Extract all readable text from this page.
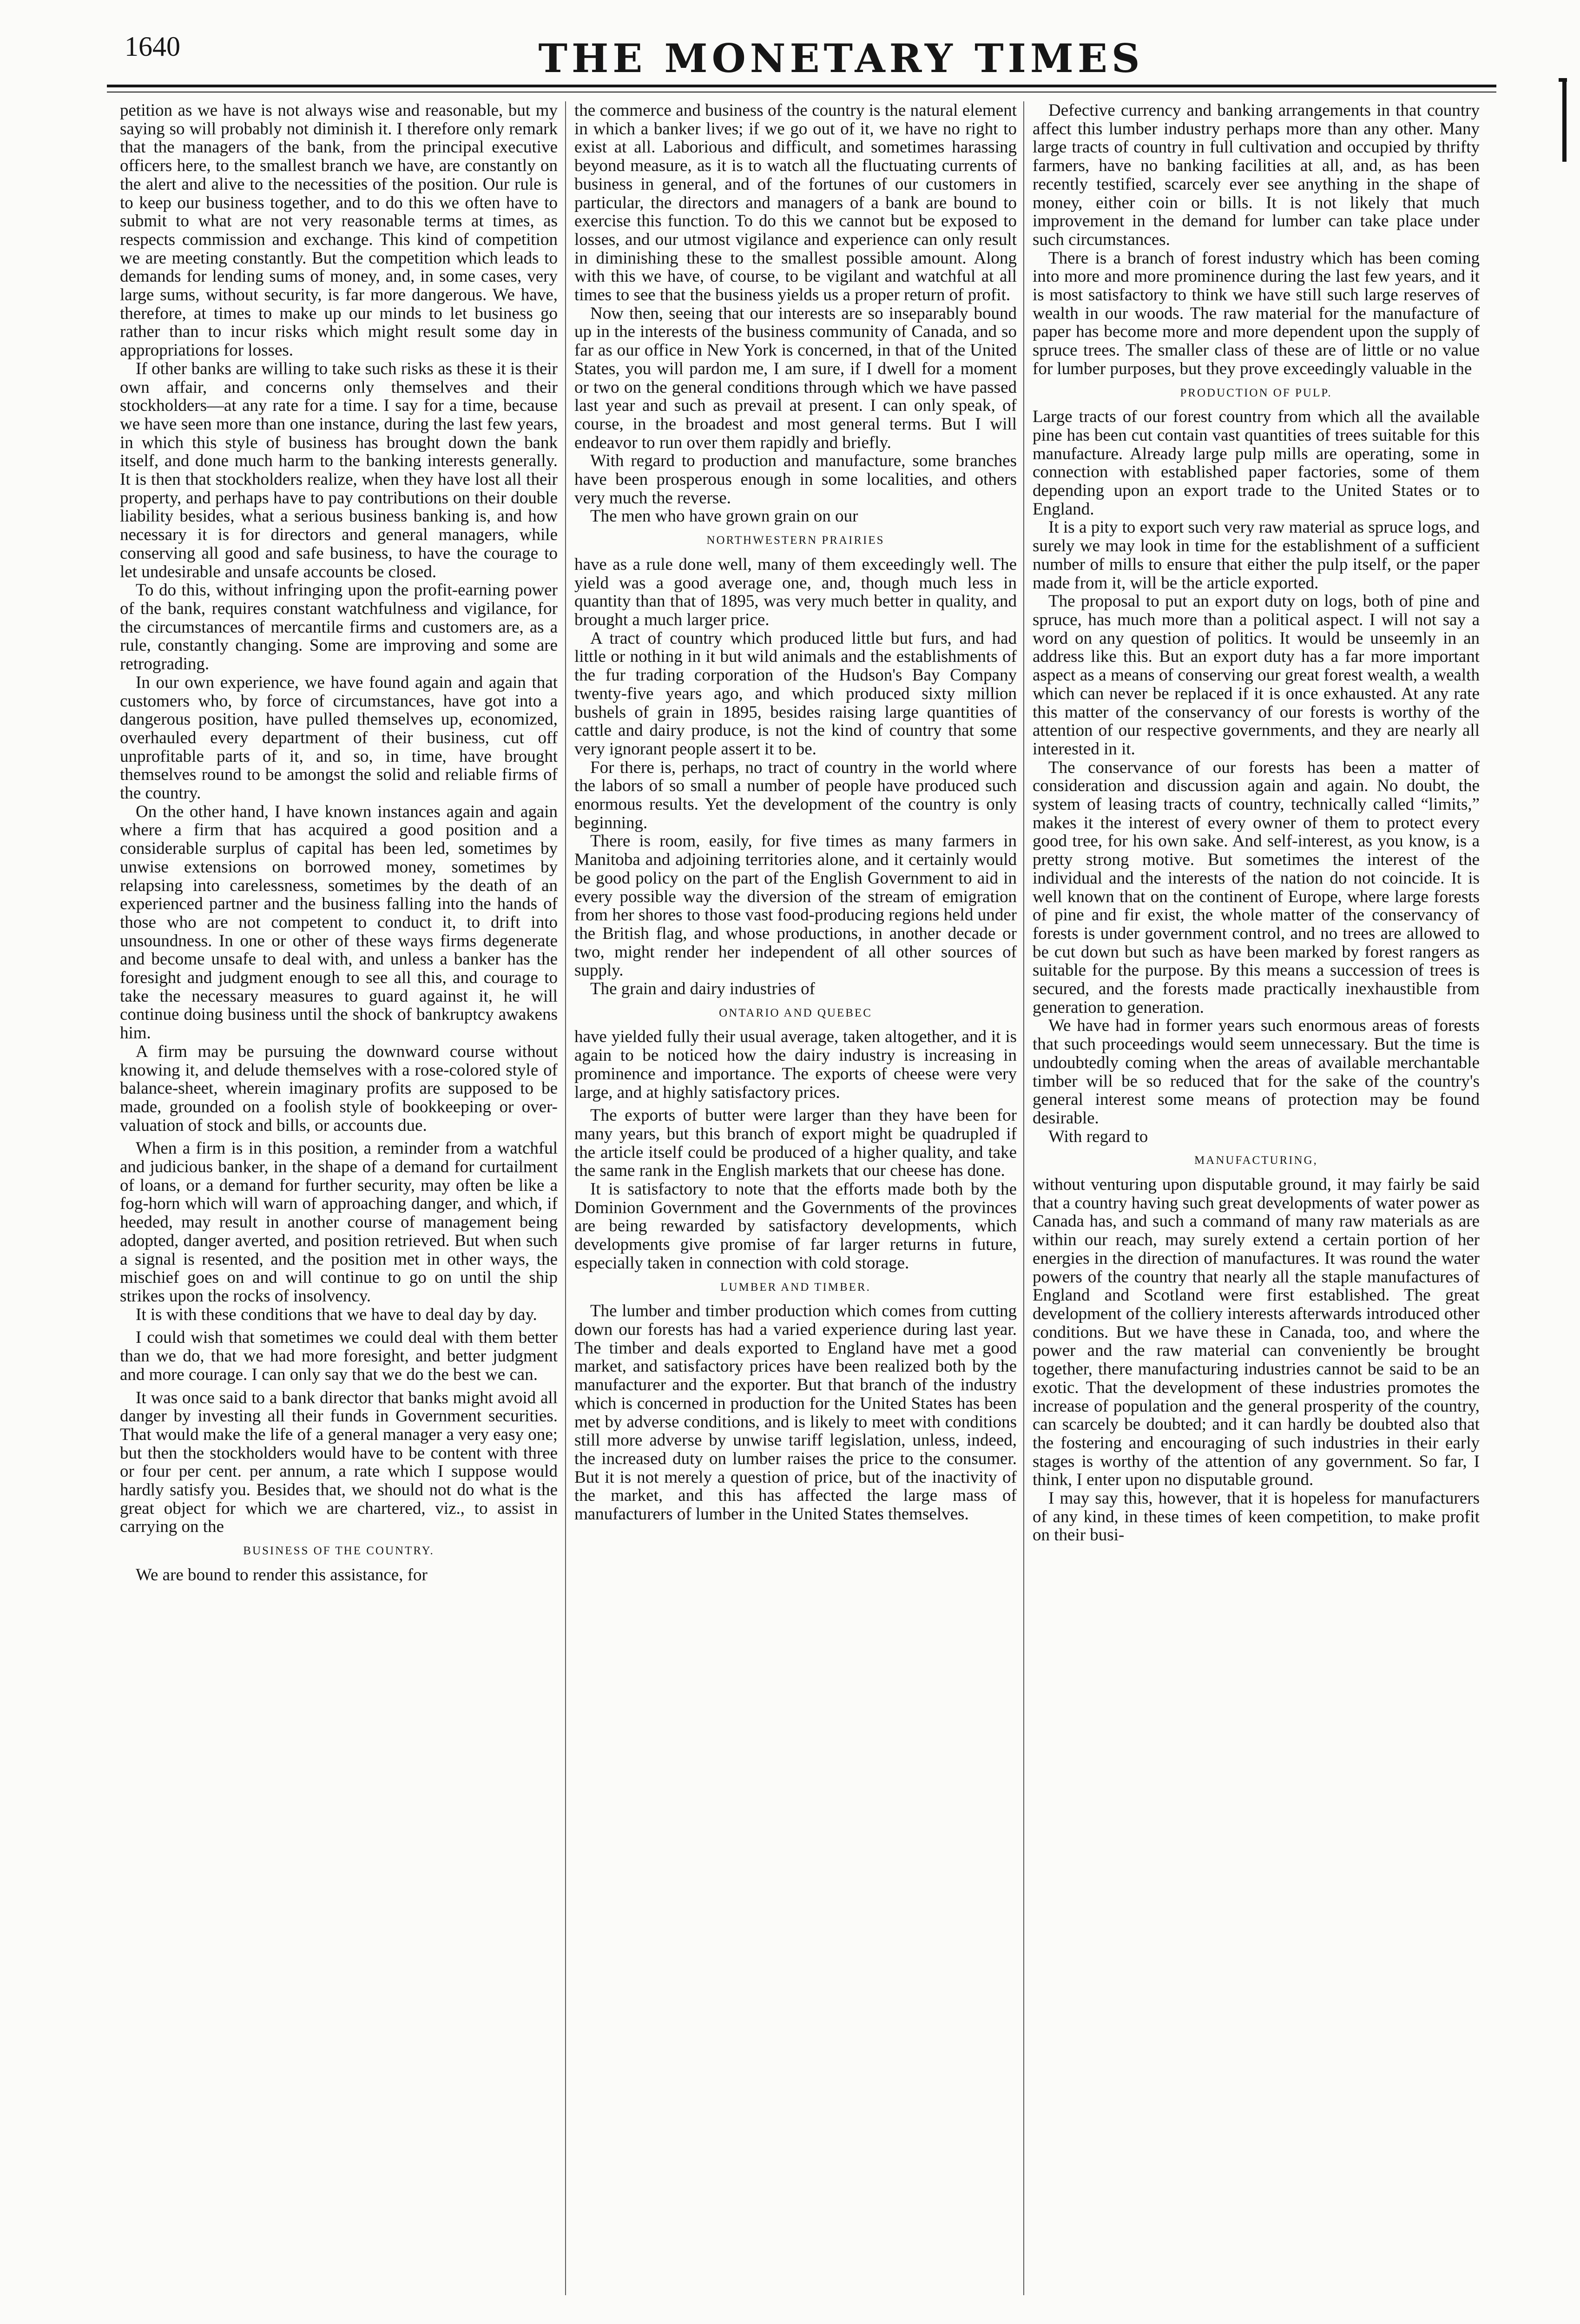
1640	THE MONETARY TIMES

petition as we have is not always wise and reasonable, but my saying so will probably not diminish it. I therefore only remark that the managers of the bank, from the principal executive officers here, to the smallest branch we have, are constantly on the alert and alive to the necessities of the position. Our rule is to keep our business together, and to do this we often have to submit to what are not very reasonable terms at times, as respects commission and exchange. This kind of competition we are meeting constantly. But the competition which leads to demands for lending sums of money, and, in some cases, very large sums, without security, is far more dangerous. We have, therefore, at times to make up our minds to let business go rather than to incur risks which might result some day in appropriations for losses.

If other banks are willing to take such risks as these it is their own affair, and concerns only themselves and their stockholders—at any rate for a time. I say for a time, because we have seen more than one instance, during the last few years, in which this style of business has brought down the bank itself, and done much harm to the banking interests generally. It is then that stockholders realize, when they have lost all their property, and perhaps have to pay contributions on their double liability besides, what a serious business banking is, and how necessary it is for directors and general managers, while conserving all good and safe business, to have the courage to let undesirable and unsafe accounts be closed.

To do this, without infringing upon the profit-earning power of the bank, requires constant watchfulness and vigilance, for the circumstances of mercantile firms and customers are, as a rule, constantly changing. Some are improving and some are retrograding.

In our own experience, we have found again and again that customers who, by force of circumstances, have got into a dangerous position, have pulled themselves up, economized, overhauled every department of their business, cut off unprofitable parts of it, and so, in time, have brought themselves round to be amongst the solid and reliable firms of the country.

On the other hand, I have known instances again and again where a firm that has acquired a good position and a considerable surplus of capital has been led, sometimes by unwise extensions on borrowed money, sometimes by relapsing into carelessness, sometimes by the death of an experienced partner and the business falling into the hands of those who are not competent to conduct it, to drift into unsoundness. In one or other of these ways firms degenerate and become unsafe to deal with, and unless a banker has the foresight and judgment enough to see all this, and courage to take the necessary measures to guard against it, he will continue doing business until the shock of bankruptcy awakens him.

A firm may be pursuing the downward course without knowing it, and delude themselves with a rose-colored style of balance-sheet, wherein imaginary profits are supposed to be made, grounded on a foolish style of bookkeeping or over-valuation of stock and bills, or accounts due.

When a firm is in this position, a reminder from a watchful and judicious banker, in the shape of a demand for curtailment of loans, or a demand for further security, may often be like a fog-horn which will warn of approaching danger, and which, if heeded, may result in another course of management being adopted, danger averted, and position retrieved. But when such a signal is resented, and the position met in other ways, the mischief goes on and will continue to go on until the ship strikes upon the rocks of insolvency.

It is with these conditions that we have to deal day by day.

I could wish that sometimes we could deal with them better than we do, that we had more foresight, and better judgment and more courage. I can only say that we do the best we can.

It was once said to a bank director that banks might avoid all danger by investing all their funds in Government securities. That would make the life of a general manager a very easy one; but then the stockholders would have to be content with three or four per cent. per annum, a rate which I suppose would hardly satisfy you. Besides that, we should not do what is the great object for which we are chartered, viz., to assist in carrying on the

BUSINESS OF THE COUNTRY.

We are bound to render this assistance, for

the commerce and business of the country is the natural element in which a banker lives; if we go out of it, we have no right to exist at all. Laborious and difficult, and sometimes harassing beyond measure, as it is to watch all the fluctuating currents of business in general, and of the fortunes of our customers in particular, the directors and managers of a bank are bound to exercise this function. To do this we cannot but be exposed to losses, and our utmost vigilance and experience can only result in diminishing these to the smallest possible amount. Along with this we have, of course, to be vigilant and watchful at all times to see that the business yields us a proper return of profit.

Now then, seeing that our interests are so inseparably bound up in the interests of the business community of Canada, and so far as our office in New York is concerned, in that of the United States, you will pardon me, I am sure, if I dwell for a moment or two on the general conditions through which we have passed last year and such as prevail at present. I can only speak, of course, in the broadest and most general terms. But I will endeavor to run over them rapidly and briefly.

With regard to production and manufacture, some branches have been prosperous enough in some localities, and others very much the reverse.

The men who have grown grain on our

NORTHWESTERN PRAIRIES

have as a rule done well, many of them exceedingly well. The yield was a good average one, and, though much less in quantity than that of 1895, was very much better in quality, and brought a much larger price.

A tract of country which produced little but furs, and had little or nothing in it but wild animals and the establishments of the fur trading corporation of the Hudson's Bay Company twenty-five years ago, and which produced sixty million bushels of grain in 1895, besides raising large quantities of cattle and dairy produce, is not the kind of country that some very ignorant people assert it to be.

For there is, perhaps, no tract of country in the world where the labors of so small a number of people have produced such enormous results. Yet the development of the country is only beginning.

There is room, easily, for five times as many farmers in Manitoba and adjoining territories alone, and it certainly would be good policy on the part of the English Government to aid in every possible way the diversion of the stream of emigration from her shores to those vast food-producing regions held under the British flag, and whose productions, in another decade or two, might render her independent of all other sources of supply.

The grain and dairy industries of

ONTARIO AND QUEBEC

have yielded fully their usual average, taken altogether, and it is again to be noticed how the dairy industry is increasing in prominence and importance. The exports of cheese were very large, and at highly satisfactory prices.

The exports of butter were larger than they have been for many years, but this branch of export might be quadrupled if the article itself could be produced of a higher quality, and take the same rank in the English markets that our cheese has done.

It is satisfactory to note that the efforts made both by the Dominion Government and the Governments of the provinces are being rewarded by satisfactory developments, which developments give promise of far larger returns in future, especially taken in connection with cold storage.

LUMBER AND TIMBER.

The lumber and timber production which comes from cutting down our forests has had a varied experience during last year. The timber and deals exported to England have met a good market, and satisfactory prices have been realized both by the manufacturer and the exporter. But that branch of the industry which is concerned in production for the United States has been met by adverse conditions, and is likely to meet with conditions still more adverse by unwise tariff legislation, unless, indeed, the increased duty on lumber raises the price to the consumer. But it is not merely a question of price, but of the inactivity of the market, and this has affected the large mass of manufacturers of lumber in the United States themselves.

Defective currency and banking arrangements in that country affect this lumber industry perhaps more than any other. Many large tracts of country in full cultivation and occupied by thrifty farmers, have no banking facilities at all, and, as has been recently testified, scarcely ever see anything in the shape of money, either coin or bills. It is not likely that much improvement in the demand for lumber can take place under such circumstances.

There is a branch of forest industry which has been coming into more and more prominence during the last few years, and it is most satisfactory to think we have still such large reserves of wealth in our woods. The raw material for the manufacture of paper has become more and more dependent upon the supply of spruce trees. The smaller class of these are of little or no value for lumber purposes, but they prove exceedingly valuable in the

PRODUCTION OF PULP.

Large tracts of our forest country from which all the available pine has been cut contain vast quantities of trees suitable for this manufacture. Already large pulp mills are operating, some in connection with established paper factories, some of them depending upon an export trade to the United States or to England.

It is a pity to export such very raw material as spruce logs, and surely we may look in time for the establishment of a sufficient number of mills to ensure that either the pulp itself, or the paper made from it, will be the article exported.

The proposal to put an export duty on logs, both of pine and spruce, has much more than a political aspect. I will not say a word on any question of politics. It would be unseemly in an address like this. But an export duty has a far more important aspect as a means of conserving our great forest wealth, a wealth which can never be replaced if it is once exhausted. At any rate this matter of the conservancy of our forests is worthy of the attention of our respective governments, and they are nearly all interested in it.

The conservance of our forests has been a matter of consideration and discussion again and again. No doubt, the system of leasing tracts of country, technically called “limits,” makes it the interest of every owner of them to protect every good tree, for his own sake. And self-interest, as you know, is a pretty strong motive. But sometimes the interest of the individual and the interests of the nation do not coincide. It is well known that on the continent of Europe, where large forests of pine and fir exist, the whole matter of the conservancy of forests is under government control, and no trees are allowed to be cut down but such as have been marked by forest rangers as suitable for the purpose. By this means a succession of trees is secured, and the forests made practically inexhaustible from generation to generation.

We have had in former years such enormous areas of forests that such proceedings would seem unnecessary. But the time is undoubtedly coming when the areas of available merchantable timber will be so reduced that for the sake of the country's general interest some means of protection may be found desirable.

With regard to

MANUFACTURING,

without venturing upon disputable ground, it may fairly be said that a country having such great developments of water power as Canada has, and such a command of many raw materials as are within our reach, may surely extend a certain portion of her energies in the direction of manufactures. It was round the water powers of the country that nearly all the staple manufactures of England and Scotland were first established. The great development of the colliery interests afterwards introduced other conditions. But we have these in Canada, too, and where the power and the raw material can conveniently be brought together, there manufacturing industries cannot be said to be an exotic. That the development of these industries promotes the increase of population and the general prosperity of the country, can scarcely be doubted; and it can hardly be doubted also that the fostering and encouraging of such industries in their early stages is worthy of the attention of any government. So far, I think, I enter upon no disputable ground.

I may say this, however, that it is hopeless for manufacturers of any kind, in these times of keen competition, to make profit on their busi-
